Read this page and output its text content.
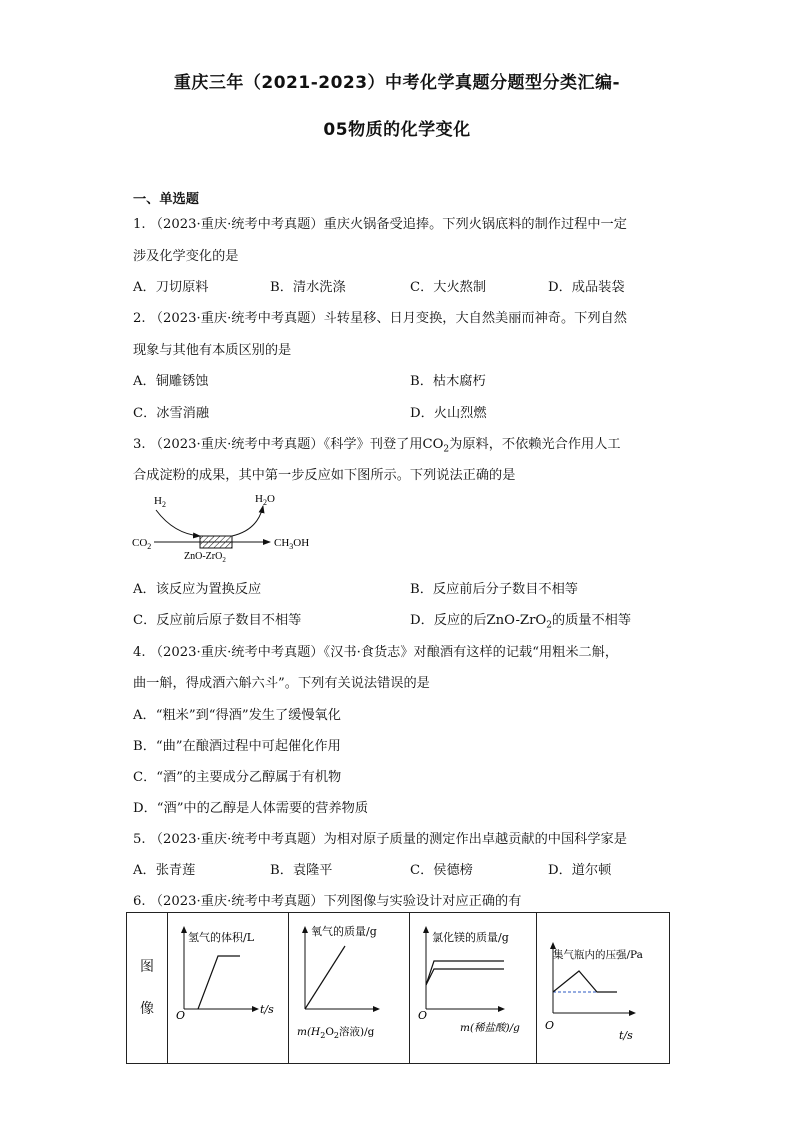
重庆三年（2021-2023）中考化学真题分题型分类汇编-
05物质的化学变化
一、单选题
1. （2023·重庆·统考中考真题）重庆火锅备受追捧。下列火锅底料的制作过程中一定
涉及化学变化的是
A．刀切原料	B．清水洗涤	C．大火熬制	D．成品装袋
2. （2023·重庆·统考中考真题）斗转星移、日月变换，大自然美丽而神奇。下列自然
现象与其他有本质区别的是
A．铜雕锈蚀	B．枯木腐朽
C．冰雪消融	D．火山烈燃
3. （2023·重庆·统考中考真题）《科学》刊登了用$CO_2$为原料，不依赖光合作用人工
合成淀粉的成果，其中第一步反应如下图所示。下列说法正确的是
$H_2$	$H_2O$
$CO_2$
ZnO-ZrO$_2$
$CH_3OH$
A．该反应为置换反应	B．反应前后分子数目不相等
C．反应前后原子数目不相等	D．反应的后ZnO-ZrO$_2$的质量不相等
4. （2023·重庆·统考中考真题）《汉书·食货志》对酿酒有这样的记载“用粗米二斛，
曲一斛，得成酒六斛六斗”。下列有关说法错误的是
A．“粗米”到“得酒”发生了缓慢氧化
B．“曲”在酿酒过程中可起催化作用
C．“酒”的主要成分乙醇属于有机物
D．“酒”中的乙醇是人体需要的营养物质
5. （2023·重庆·统考中考真题）为相对原子质量的测定作出卓越贡献的中国科学家是
A．张青莲	B．袁隆平	C．侯德榜	D．道尔顿
6. （2023·重庆·统考中考真题）下列图像与实验设计对应正确的有
图
像

氢气的体积/L
t/s
O

氧气的质量/g
$m(H_2O_2$溶液)/g

氯化镁的质量/g
m(稀盐酸)/g
O

集气瓶内的压强/Pa
t/s
O
